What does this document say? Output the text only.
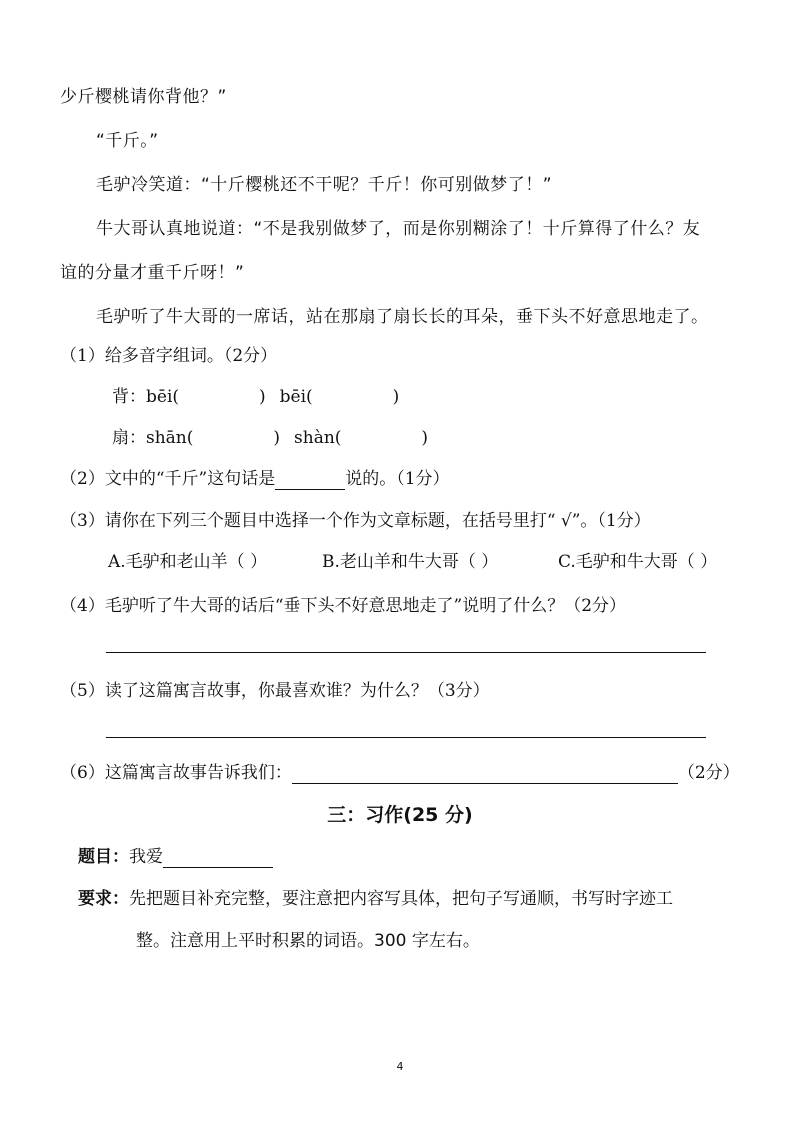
少斤樱桃请你背他？”
“千斤。”
毛驴冷笑道：“十斤樱桃还不干呢？千斤！你可别做梦了！”
牛大哥认真地说道：“不是我别做梦了，而是你别糊涂了！十斤算得了什么？友
谊的分量才重千斤呀！”
毛驴听了牛大哥的一席话，站在那扇了扇长长的耳朵，垂下头不好意思地走了。
（1）给多音字组词。（2分）
背：bēi(	) bēi(	)
扇：shān(	) shàn(	)
（2）文中的“千斤”这句话是	说的。（1分）
（3）请你在下列三个题目中选择一个作为文章标题，在括号里打“ √”。（1分）
A.毛驴和老山羊（ ）	B.老山羊和牛大哥（ ）	C.毛驴和牛大哥（ ）
（4）毛驴听了牛大哥的话后“垂下头不好意思地走了”说明了什么？（2分）
（5）读了这篇寓言故事，你最喜欢谁？为什么？（3分）
（6）这篇寓言故事告诉我们：	（2分）
三：习作(25 分)
题目：我爱
要求：先把题目补充完整，要注意把内容写具体，把句子写通顺，书写时字迹工
整。注意用上平时积累的词语。300 字左右。
4
